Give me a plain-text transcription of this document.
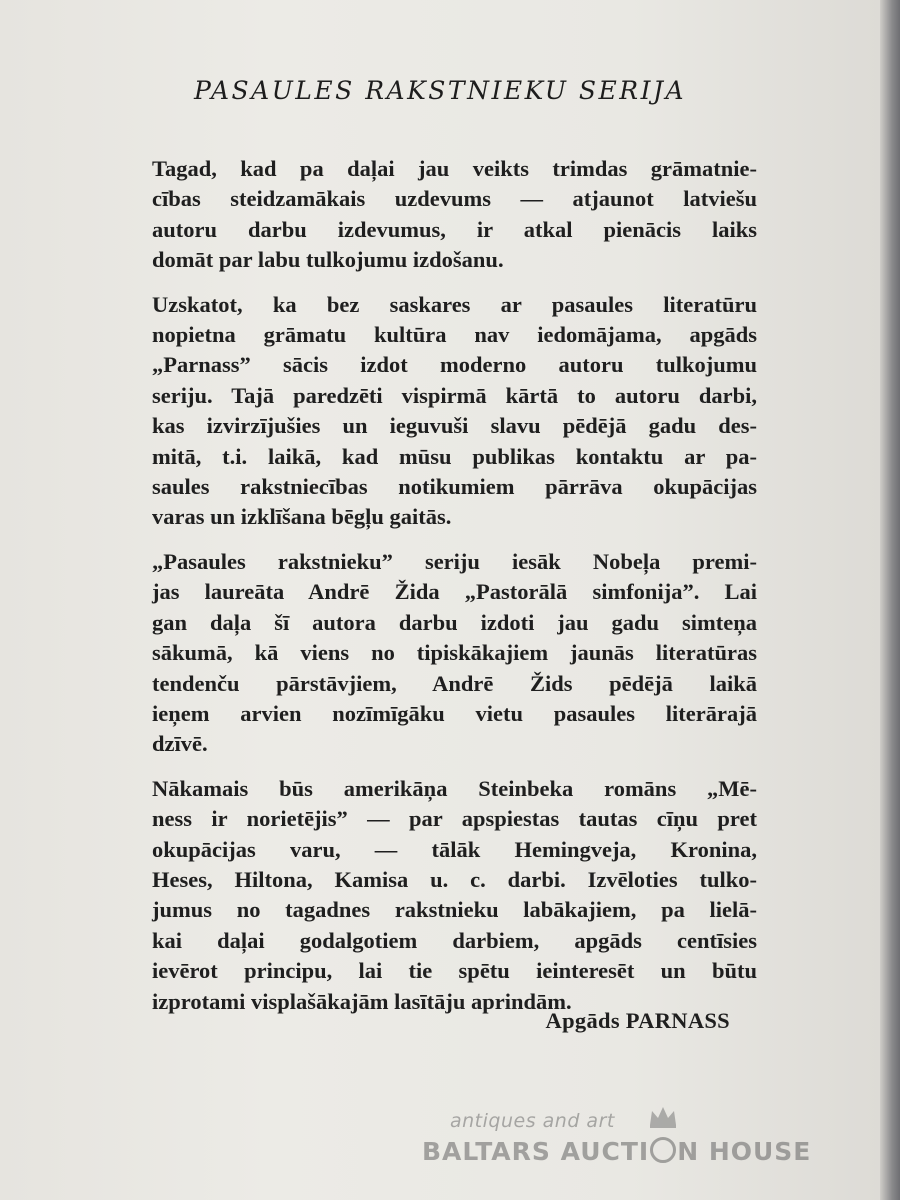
PASAULES RAKSTNIEKU SERIJA

Tagad, kad pa daļai jau veikts trimdas grāmatnie-
cības steidzamākais uzdevums — atjaunot latviešu
autoru darbu izdevumus, ir atkal pienācis laiks
domāt par labu tulkojumu izdošanu.

Uzskatot, ka bez saskares ar pasaules literatūru
nopietna grāmatu kultūra nav iedomājama, apgāds
„Parnass” sācis izdot moderno autoru tulkojumu
seriju. Tajā paredzēti vispirmā kārtā to autoru darbi,
kas izvirzījušies un ieguvuši slavu pēdējā gadu des-
mitā, t.i. laikā, kad mūsu publikas kontaktu ar pa-
saules rakstniecības notikumiem pārrāva okupācijas
varas un izklīšana bēgļu gaitās.

„Pasaules rakstnieku” seriju iesāk Nobeļa premi-
jas laureāta Andrē Žida „Pastorālā simfonija”. Lai
gan daļa šī autora darbu izdoti jau gadu simteņa
sākumā, kā viens no tipiskākajiem jaunās literatūras
tendenču pārstāvjiem, Andrē Žids pēdējā laikā
ieņem arvien nozīmīgāku vietu pasaules literārajā
dzīvē.

Nākamais būs amerikāņa Steinbeka romāns „Mē-
ness ir norietējis” — par apspiestas tautas cīņu pret
okupācijas varu, — tālāk Hemingveja, Kronina,
Heses, Hiltona, Kamisa u. c. darbi. Izvēloties tulko-
jumus no tagadnes rakstnieku labākajiem, pa lielā-
kai daļai godalgotiem darbiem, apgāds centīsies
ievērot principu, lai tie spētu ieinteresēt un būtu
izprotami visplašākajām lasītāju aprindām.

Apgāds PARNASS
antiques and art
BALTARS AUCTI N HOUSE
